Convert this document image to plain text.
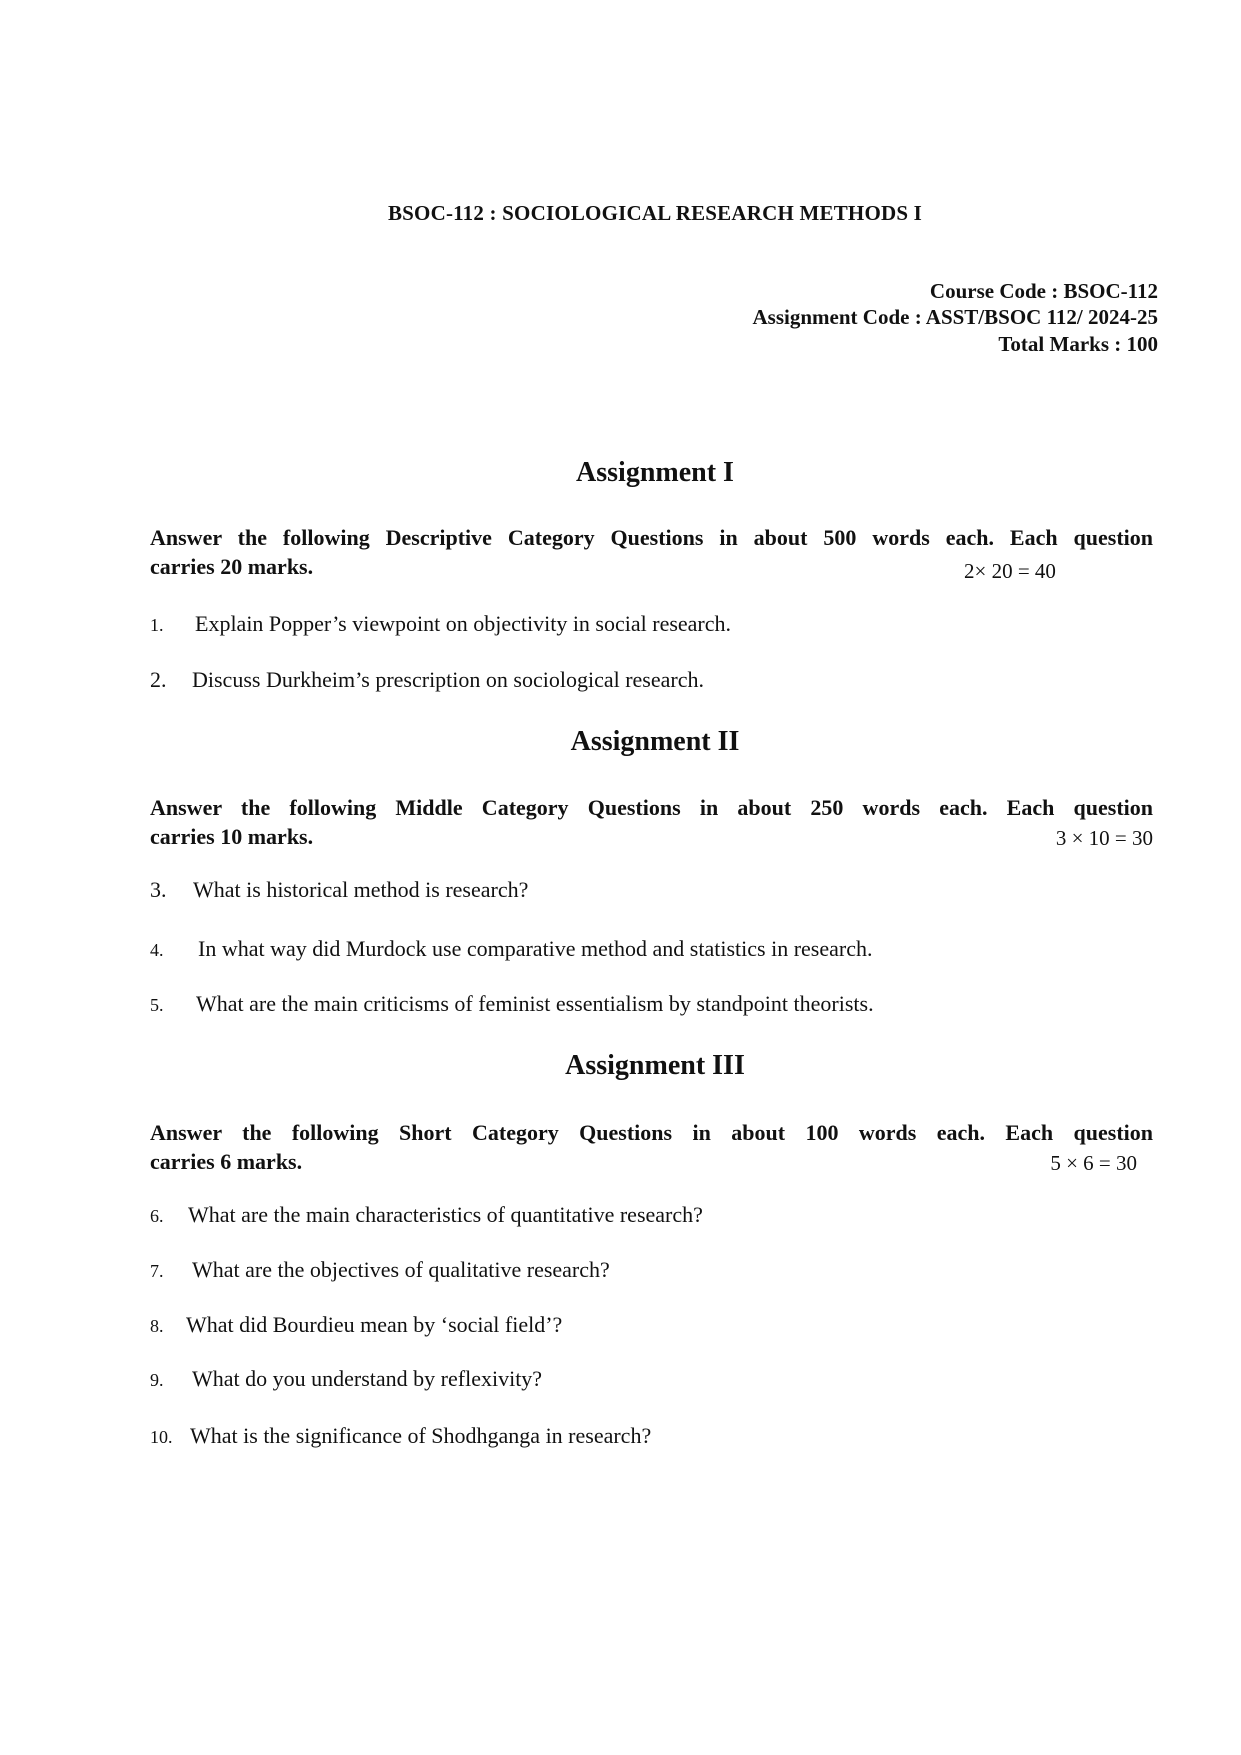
BSOC-112 : SOCIOLOGICAL RESEARCH METHODS I
Course Code : BSOC-112
Assignment Code : ASST/BSOC 112/ 2024-25
Total Marks : 100
Assignment I
Answer the following Descriptive Category Questions in about 500 words each. Each question
carries 20 marks.	2× 20 = 40
1.	Explain Popper’s viewpoint on objectivity in social research.
2.	Discuss Durkheim’s prescription on sociological research.
Assignment II
Answer the following Middle Category Questions in about 250 words each. Each question
carries 10 marks.	3 × 10 = 30
3.	What is historical method is research?
4.	In what way did Murdock use comparative method and statistics in research.
5.	What are the main criticisms of feminist essentialism by standpoint theorists.
Assignment III
Answer the following Short Category Questions in about 100 words each. Each question
carries 6 marks.	5 × 6 = 30
6.	What are the main characteristics of quantitative research?
7.	What are the objectives of qualitative research?
8.	What did Bourdieu mean by ‘social field’?
9.	What do you understand by reflexivity?
10. What is the significance of Shodhganga in research?
